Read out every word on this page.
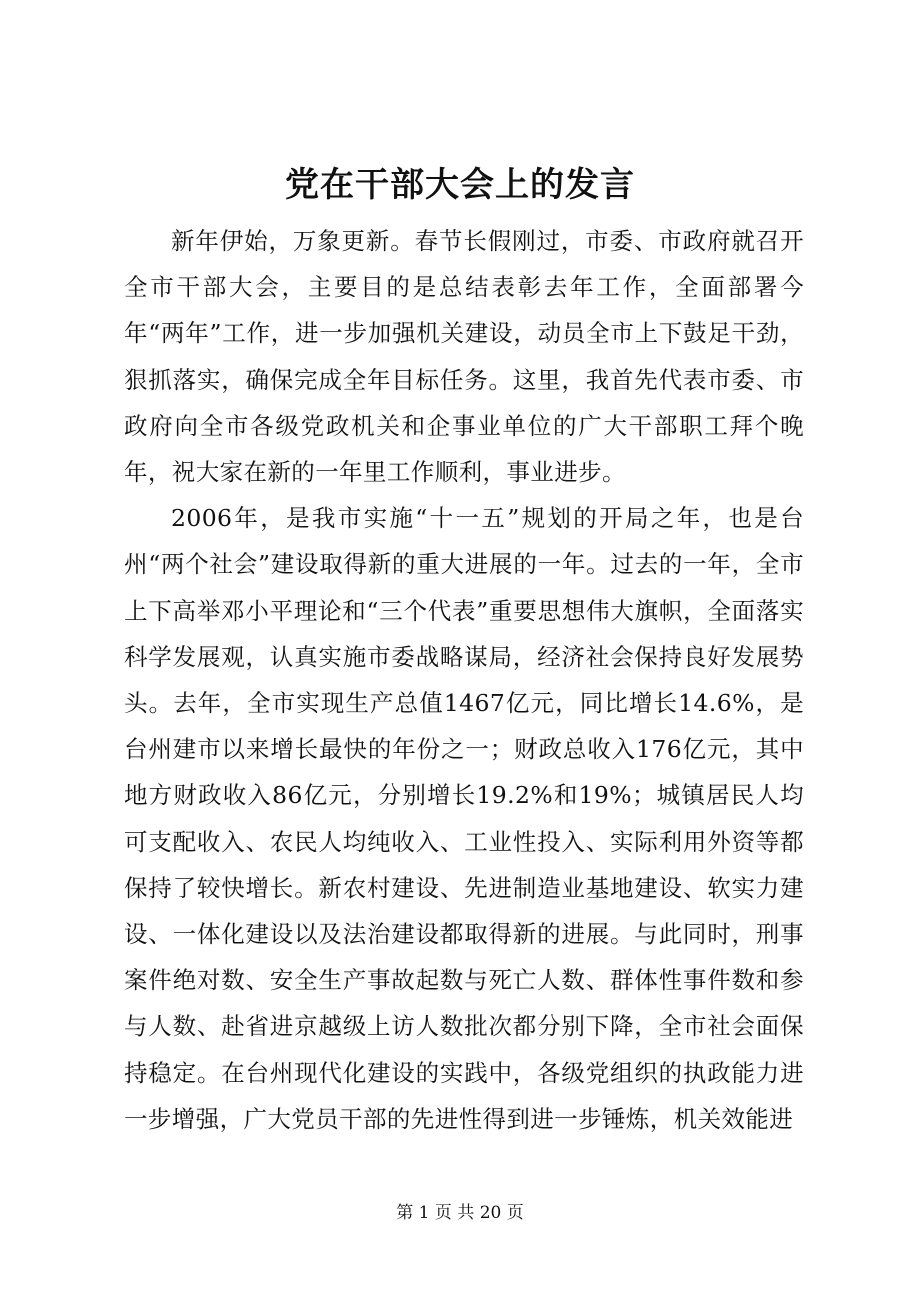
党在干部大会上的发言

新年伊始，万象更新。春节长假刚过，市委、市政府就召开全市干部大会，主要目的是总结表彰去年工作，全面部署今年“两年”工作，进一步加强机关建设，动员全市上下鼓足干劲，狠抓落实，确保完成全年目标任务。这里，我首先代表市委、市政府向全市各级党政机关和企事业单位的广大干部职工拜个晚年，祝大家在新的一年里工作顺利，事业进步。

2006年，是我市实施“十一五”规划的开局之年，也是台州“两个社会”建设取得新的重大进展的一年。过去的一年，全市上下高举邓小平理论和“三个代表”重要思想伟大旗帜，全面落实科学发展观，认真实施市委战略谋局，经济社会保持良好发展势头。去年，全市实现生产总值1467亿元，同比增长14.6%，是台州建市以来增长最快的年份之一；财政总收入176亿元，其中地方财政收入86亿元，分别增长19.2%和19%；城镇居民人均可支配收入、农民人均纯收入、工业性投入、实际利用外资等都保持了较快增长。新农村建设、先进制造业基地建设、软实力建设、一体化建设以及法治建设都取得新的进展。与此同时，刑事案件绝对数、安全生产事故起数与死亡人数、群体性事件数和参与人数、赴省进京越级上访人数批次都分别下降，全市社会面保持稳定。在台州现代化建设的实践中，各级党组织的执政能力进一步增强，广大党员干部的先进性得到进一步锤炼，机关效能进

第 1 页 共 20 页
